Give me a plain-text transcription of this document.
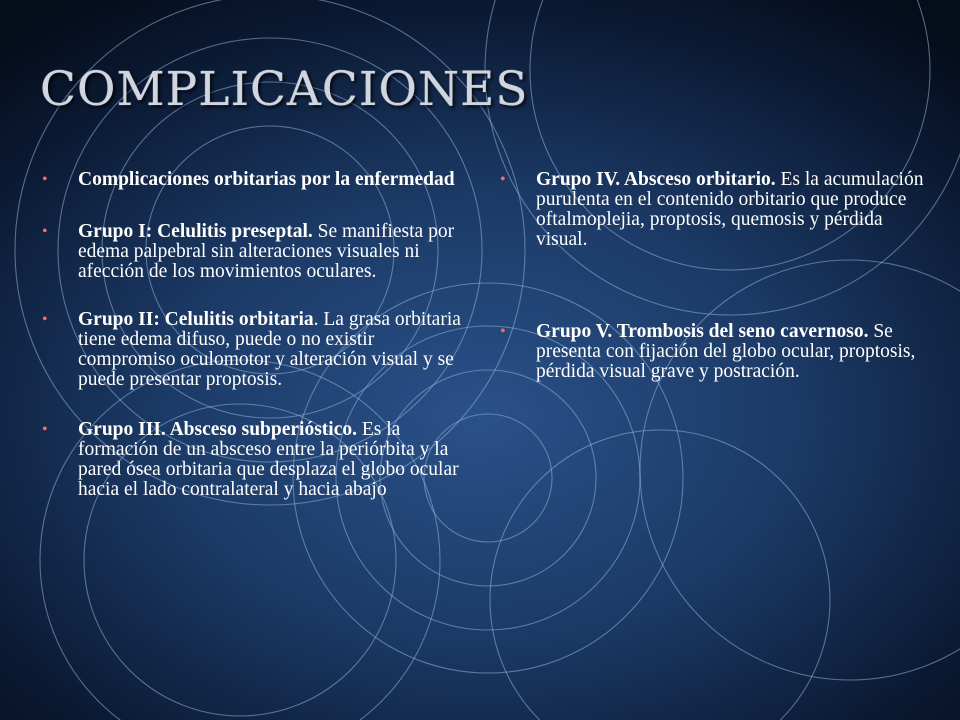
COMPLICACIONES
• Complicaciones orbitarias por la enfermedad
• Grupo I: Celulitis preseptal. Se manifiesta por edema palpebral sin alteraciones visuales ni afección de los movimientos oculares.
• Grupo II: Celulitis orbitaria. La grasa orbitaria tiene edema difuso, puede o no existir compromiso oculomotor y alteración visual y se puede presentar proptosis.
• Grupo III. Absceso subperióstico. Es la formación de un absceso entre la periórbita y la pared ósea orbitaria que desplaza el globo ocular hacia el lado contralateral y hacia abajo
• Grupo IV. Absceso orbitario. Es la acumulación purulenta en el contenido orbitario que produce oftalmoplejia, proptosis, quemosis y pérdida visual.
• Grupo V. Trombosis del seno cavernoso. Se presenta con fijación del globo ocular, proptosis, pérdida visual grave y postración.
